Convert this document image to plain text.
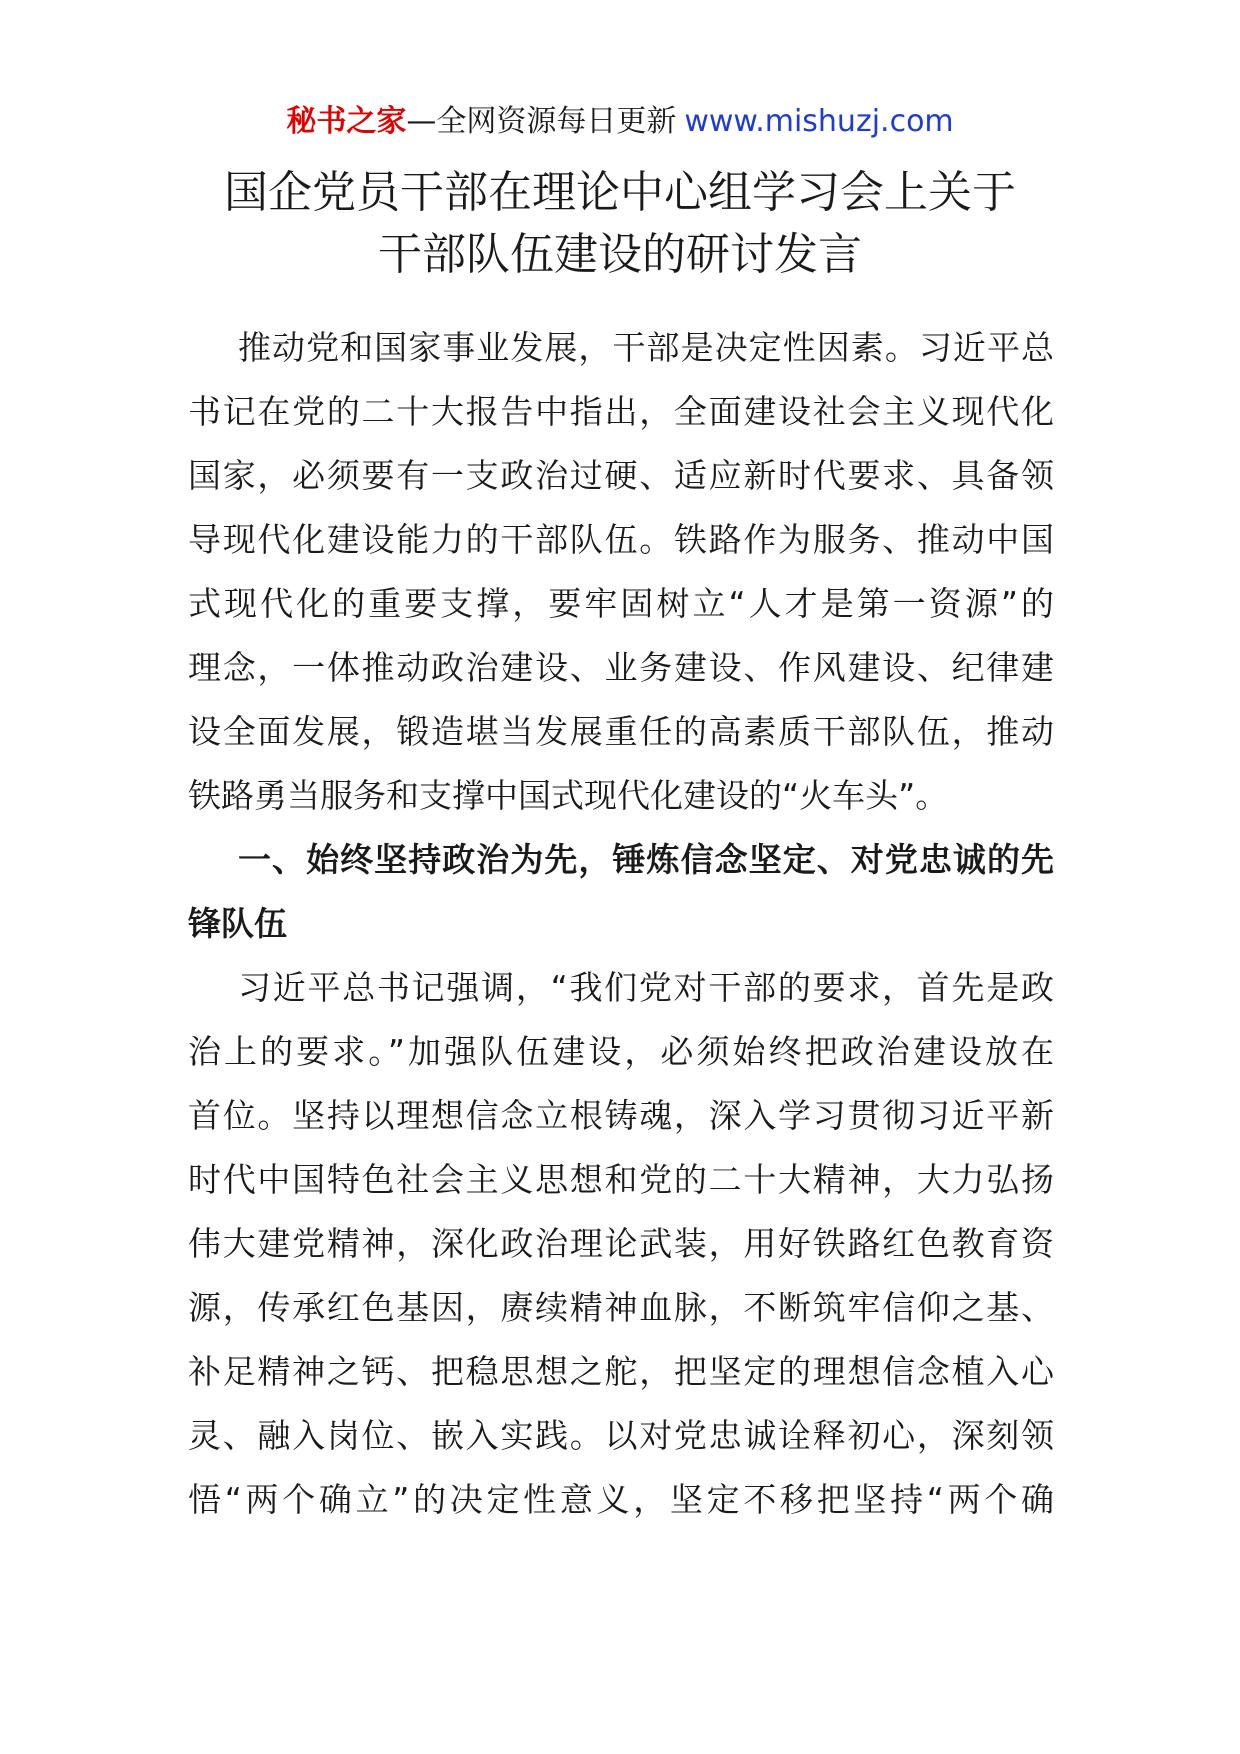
秘书之家—全网资源每日更新 www.mishuzj.com
国企党员干部在理论中心组学习会上关于
干部队伍建设的研讨发言
推动党和国家事业发展，干部是决定性因素。习近平总
书记在党的二十大报告中指出，全面建设社会主义现代化
国家，必须要有一支政治过硬、适应新时代要求、具备领
导现代化建设能力的干部队伍。铁路作为服务、推动中国
式现代化的重要支撑，要牢固树立“人才是第一资源”的
理念，一体推动政治建设、业务建设、作风建设、纪律建
设全面发展，锻造堪当发展重任的高素质干部队伍，推动
铁路勇当服务和支撑中国式现代化建设的“火车头”。
一、始终坚持政治为先，锤炼信念坚定、对党忠诚的先
锋队伍
习近平总书记强调，“我们党对干部的要求，首先是政
治上的要求。”加强队伍建设，必须始终把政治建设放在
首位。坚持以理想信念立根铸魂，深入学习贯彻习近平新
时代中国特色社会主义思想和党的二十大精神，大力弘扬
伟大建党精神，深化政治理论武装，用好铁路红色教育资
源，传承红色基因，赓续精神血脉，不断筑牢信仰之基、
补足精神之钙、把稳思想之舵，把坚定的理想信念植入心
灵、融入岗位、嵌入实践。以对党忠诚诠释初心，深刻领
悟“两个确立”的决定性意义，坚定不移把坚持“两个确
